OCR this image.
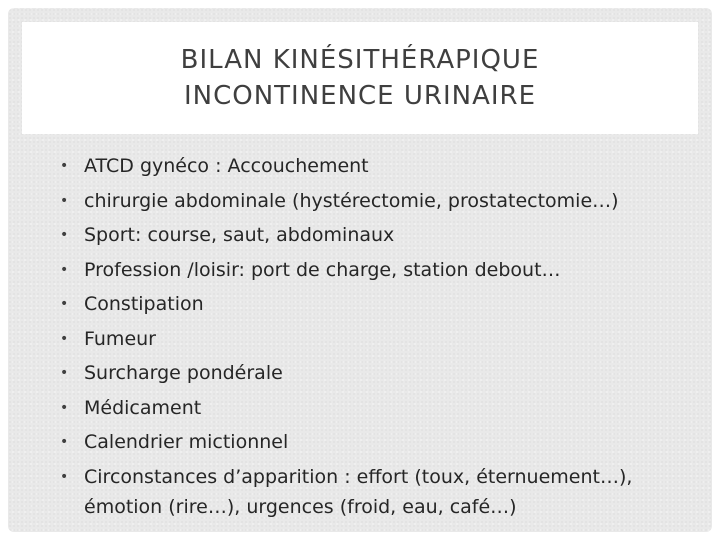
BILAN KINÉSITHÉRAPIQUE
INCONTINENCE URINAIRE
• ATCD gynéco : Accouchement
• chirurgie abdominale (hystérectomie, prostatectomie…)
• Sport: course, saut, abdominaux
• Profession /loisir: port de charge, station debout…
• Constipation
• Fumeur
• Surcharge pondérale
• Médicament
• Calendrier mictionnel
• Circonstances d’apparition : effort (toux, éternuement…),
émotion (rire…), urgences (froid, eau, café…)
